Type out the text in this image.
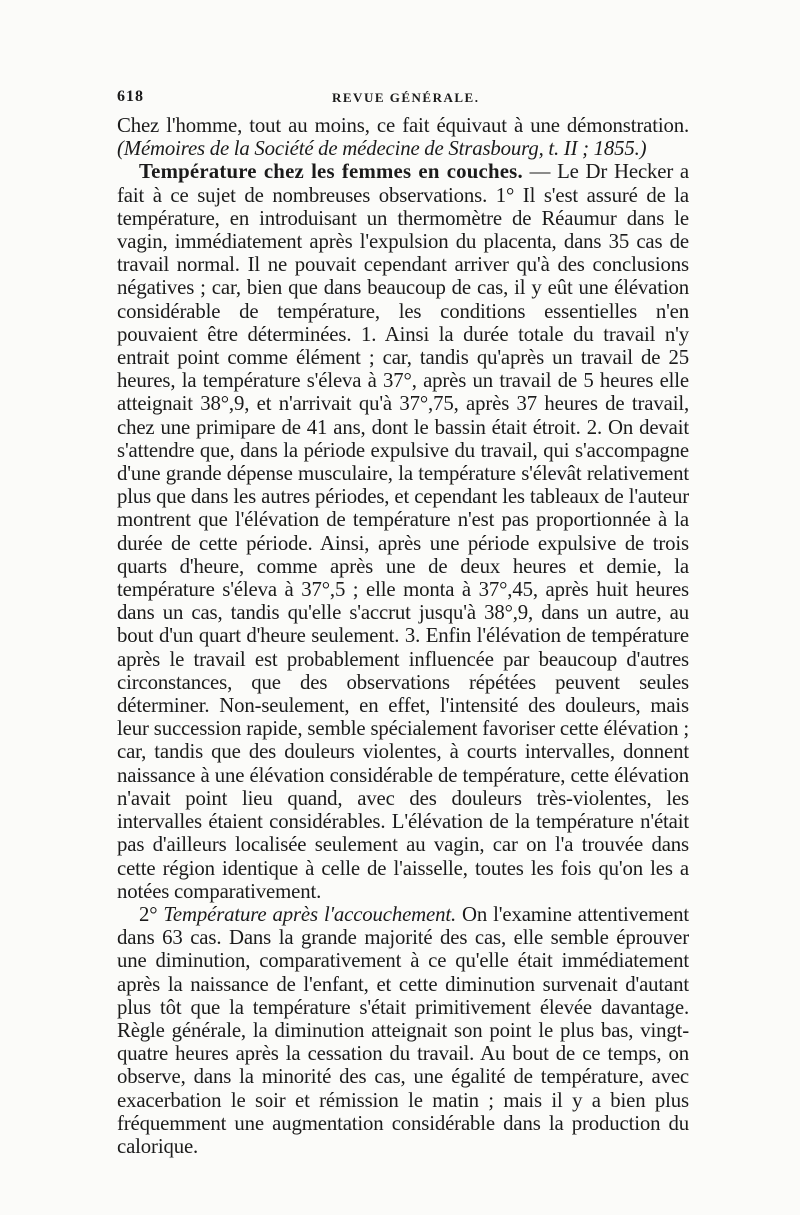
618	REVUE GÉNÉRALE.

Chez l'homme, tout au moins, ce fait équivaut à une démonstration. (Mémoires de la Société de médecine de Strasbourg, t. II ; 1855.)

Température chez les femmes en couches. — Le Dr Hecker a fait à ce sujet de nombreuses observations. 1° Il s'est assuré de la température, en introduisant un thermomètre de Réaumur dans le vagin, immédiatement après l'expulsion du placenta, dans 35 cas de travail normal. Il ne pouvait cependant arriver qu'à des conclusions négatives ; car, bien que dans beaucoup de cas, il y eût une élévation considérable de température, les conditions essentielles n'en pouvaient être déterminées. 1. Ainsi la durée totale du travail n'y entrait point comme élément ; car, tandis qu'après un travail de 25 heures, la température s'éleva à 37°, après un travail de 5 heures elle atteignait 38°,9, et n'arrivait qu'à 37°,75, après 37 heures de travail, chez une primipare de 41 ans, dont le bassin était étroit. 2. On devait s'attendre que, dans la période expulsive du travail, qui s'accompagne d'une grande dépense musculaire, la température s'élevât relativement plus que dans les autres périodes, et cependant les tableaux de l'auteur montrent que l'élévation de température n'est pas proportionnée à la durée de cette période. Ainsi, après une période expulsive de trois quarts d'heure, comme après une de deux heures et demie, la température s'éleva à 37°,5 ; elle monta à 37°,45, après huit heures dans un cas, tandis qu'elle s'accrut jusqu'à 38°,9, dans un autre, au bout d'un quart d'heure seulement. 3. Enfin l'élévation de température après le travail est probablement influencée par beaucoup d'autres circonstances, que des observations répétées peuvent seules déterminer. Non-seulement, en effet, l'intensité des douleurs, mais leur succession rapide, semble spécialement favoriser cette élévation ; car, tandis que des douleurs violentes, à courts intervalles, donnent naissance à une élévation considérable de température, cette élévation n'avait point lieu quand, avec des douleurs très-violentes, les intervalles étaient considérables. L'élévation de la température n'était pas d'ailleurs localisée seulement au vagin, car on l'a trouvée dans cette région identique à celle de l'aisselle, toutes les fois qu'on les a notées comparativement.

2° Température après l'accouchement. On l'examine attentivement dans 63 cas. Dans la grande majorité des cas, elle semble éprouver une diminution, comparativement à ce qu'elle était immédiatement après la naissance de l'enfant, et cette diminution survenait d'autant plus tôt que la température s'était primitivement élevée davantage. Règle générale, la diminution atteignait son point le plus bas, vingt-quatre heures après la cessation du travail. Au bout de ce temps, on observe, dans la minorité des cas, une égalité de température, avec exacerbation le soir et rémission le matin ; mais il y a bien plus fréquemment une augmentation considérable dans la production du calorique.
